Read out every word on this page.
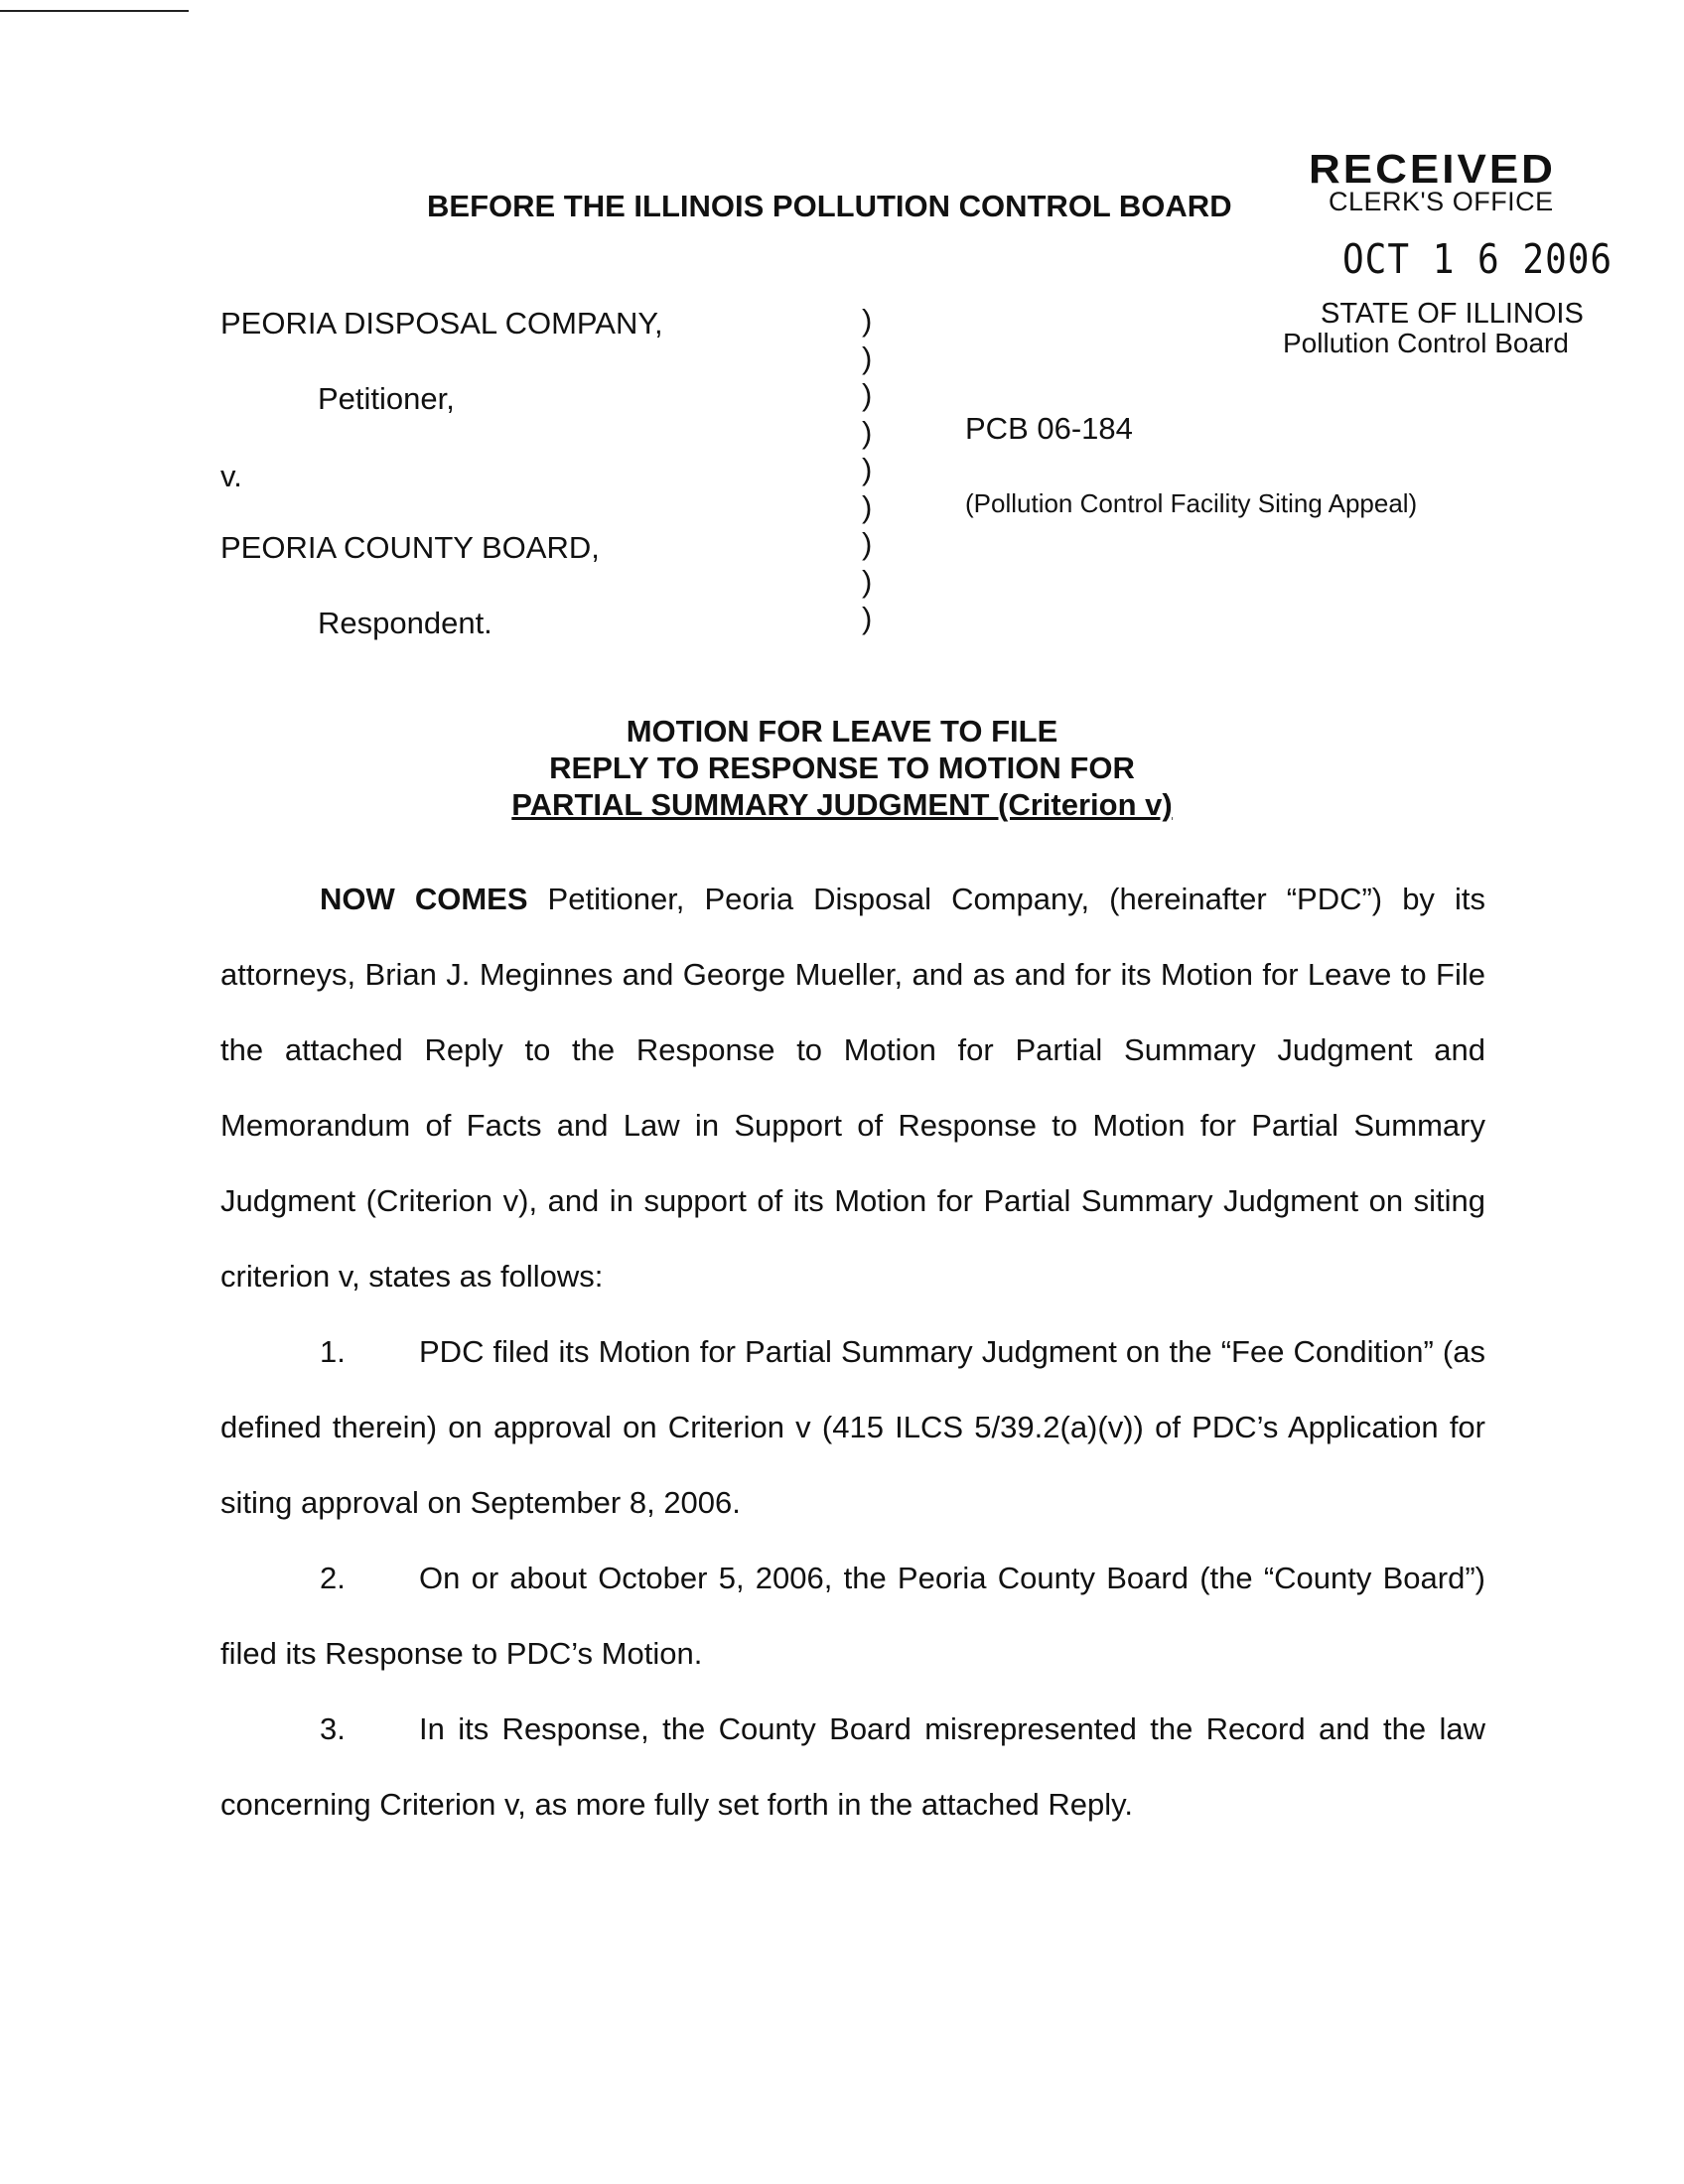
RECEIVED
CLERK'S OFFICE
OCT 1 6 2006
STATE OF ILLINOIS
Pollution Control Board
BEFORE THE ILLINOIS POLLUTION CONTROL BOARD
PEORIA DISPOSAL COMPANY,
Petitioner,
v.
PEORIA COUNTY BOARD,
Respondent.
)
)
)
)
)
)
)
)
)
PCB 06-184
(Pollution Control Facility Siting Appeal)
MOTION FOR LEAVE TO FILE
REPLY TO RESPONSE TO MOTION FOR
PARTIAL SUMMARY JUDGMENT (Criterion v)

NOW COMES Petitioner, Peoria Disposal Company, (hereinafter “PDC”) by its attorneys, Brian J. Meginnes and George Mueller, and as and for its Motion for Leave to File the attached Reply to the Response to Motion for Partial Summary Judgment and Memorandum of Facts and Law in Support of Response to Motion for Partial Summary Judgment (Criterion v), and in support of its Motion for Partial Summary Judgment on siting criterion v, states as follows:

1. PDC filed its Motion for Partial Summary Judgment on the “Fee Condition” (as defined therein) on approval on Criterion v (415 ILCS 5/39.2(a)(v)) of PDC’s Application for siting approval on September 8, 2006.

2. On or about October 5, 2006, the Peoria County Board (the “County Board”) filed its Response to PDC’s Motion.

3. In its Response, the County Board misrepresented the Record and the law concerning Criterion v, as more fully set forth in the attached Reply.
